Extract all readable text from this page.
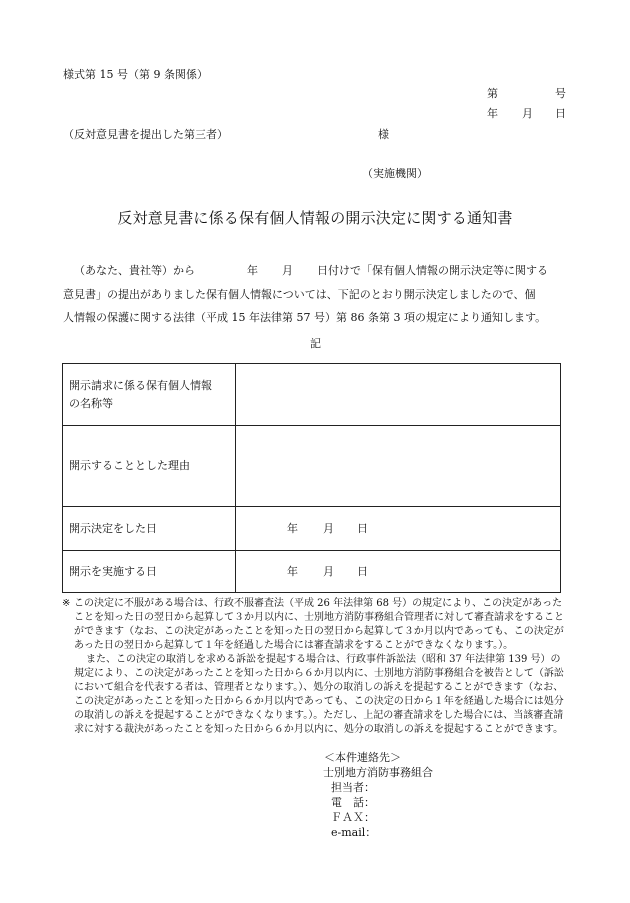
様式第 15 号（第 9 条関係）
第	号
年 月 日
（反対意見書を提出した第三者）	様
（実施機関）
反対意見書に係る保有個人情報の開示決定に関する通知書
（あなた、貴社等）から	年 月 日付けで「保有個人情報の開示決定等に関する
意見書」の提出がありました保有個人情報については、下記のとおり開示決定しましたので、個
人情報の保護に関する法律（平成 15 年法律第 57 号）第 86 条第 3 項の規定により通知します。
記
開示請求に係る保有個人情報
の名称等	
開示することとした理由	
開示決定をした日	年 月 日

開示を実施する日	年 月 日
※ この決定に不服がある場合は、行政不服審査法（平成 26 年法律第 68 号）の規定により、この決定があったことを知った日の翌日から起算して３か月以内に、士別地方消防事務組合管理者に対して審査請求をすることができます（なお、この決定があったことを知った日の翌日から起算して３か月以内であっても、この決定があった日の翌日から起算して１年を経過した場合には審査請求をすることができなくなります。）。
また、この決定の取消しを求める訴訟を提起する場合は、行政事件訴訟法（昭和 37 年法律第 139 号）の規定により、この決定があったことを知った日から６か月以内に、士別地方消防事務組合を被告として（訴訟において組合を代表する者は、管理者となります。）、処分の取消しの訴えを提起することができます（なお、この決定があったことを知った日から６か月以内であっても、この決定の日から１年を経過した場合には処分の取消しの訴えを提起することができなくなります。）。ただし、上記の審査請求をした場合には、当該審査請求に対する裁決があったことを知った日から６か月以内に、処分の取消しの訴えを提起することができます。
＜本件連絡先＞
士別地方消防事務組合
担当者：
電　話：
ＦＡＸ：
e-mail：
